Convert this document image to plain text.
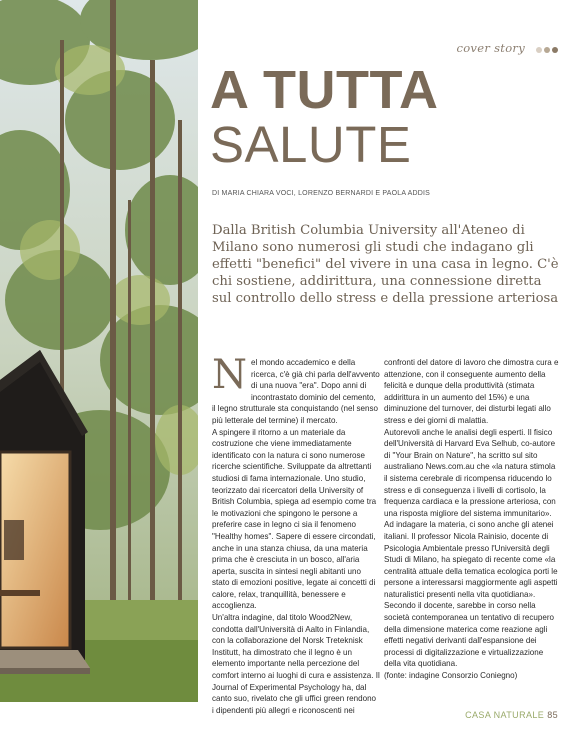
cover story
A TUTTA
SALUTE
DI MARIA CHIARA VOCI, LORENZO BERNARDI E PAOLA ADDIS
Dalla British Columbia University all'Ateneo di Milano sono numerosi gli studi che indagano gli effetti "benefici" del vivere in una casa in legno. C'è chi sostiene, addirittura, una connessione diretta sul controllo dello stress e della pressione arteriosa

Nel mondo accademico e della ricerca, c'è già chi parla dell'avvento di una nuova "era". Dopo anni di incontrastato dominio del cemento, il legno strutturale sta conquistando (nel senso più letterale del termine) il mercato.

A spingere il ritorno a un materiale da costruzione che viene immediatamente identificato con la natura ci sono numerose ricerche scientifiche. Sviluppate da altrettanti studiosi di fama internazionale. Uno studio, teorizzato dai ricercatori della University of British Columbia, spiega ad esempio come tra le motivazioni che spingono le persone a preferire case in legno ci sia il fenomeno "Healthy homes". Sapere di essere circondati, anche in una stanza chiusa, da una materia prima che è cresciuta in un bosco, all'aria aperta, suscita in sintesi negli abitanti uno stato di emozioni positive, legate ai concetti di calore, relax, tranquillità, benessere e accoglienza.

Un'altra indagine, dal titolo Wood2New, condotta dall'Università di Aalto in Finlandia, con la collaborazione del Norsk Treteknisk Institutt, ha dimostrato che il legno è un elemento importante nella percezione del comfort interno ai luoghi di cura e assistenza. Il Journal of Experimental Psychology ha, dal canto suo, rivelato che gli uffici green rendono i dipendenti più allegri e riconoscenti nei

confronti del datore di lavoro che dimostra cura e attenzione, con il conseguente aumento della felicità e dunque della produttività (stimata addirittura in un aumento del 15%) e una diminuzione del turnover, dei disturbi legati allo stress e dei giorni di malattia.

Autorevoli anche le analisi degli esperti. Il fisico dell'Università di Harvard Eva Selhub, co-autore di "Your Brain on Nature", ha scritto sul sito australiano News.com.au che «la natura stimola il sistema cerebrale di ricompensa riducendo lo stress e di conseguenza i livelli di cortisolo, la frequenza cardiaca e la pressione arteriosa, con una risposta migliore del sistema immunitario».

Ad indagare la materia, ci sono anche gli atenei italiani. Il professor Nicola Rainisio, docente di Psicologia Ambientale presso l'Università degli Studi di Milano, ha spiegato di recente come «la centralità attuale della tematica ecologica porti le persone a interessarsi maggiormente agli aspetti naturalistici presenti nella vita quotidiana». Secondo il docente, sarebbe in corso nella società contemporanea un tentativo di recupero della dimensione materica come reazione agli effetti negativi derivanti dall'espansione dei processi di digitalizzazione e virtualizzazione della vita quotidiana.

(fonte: indagine Consorzio Coniegno)

CASA NATURALE 85
